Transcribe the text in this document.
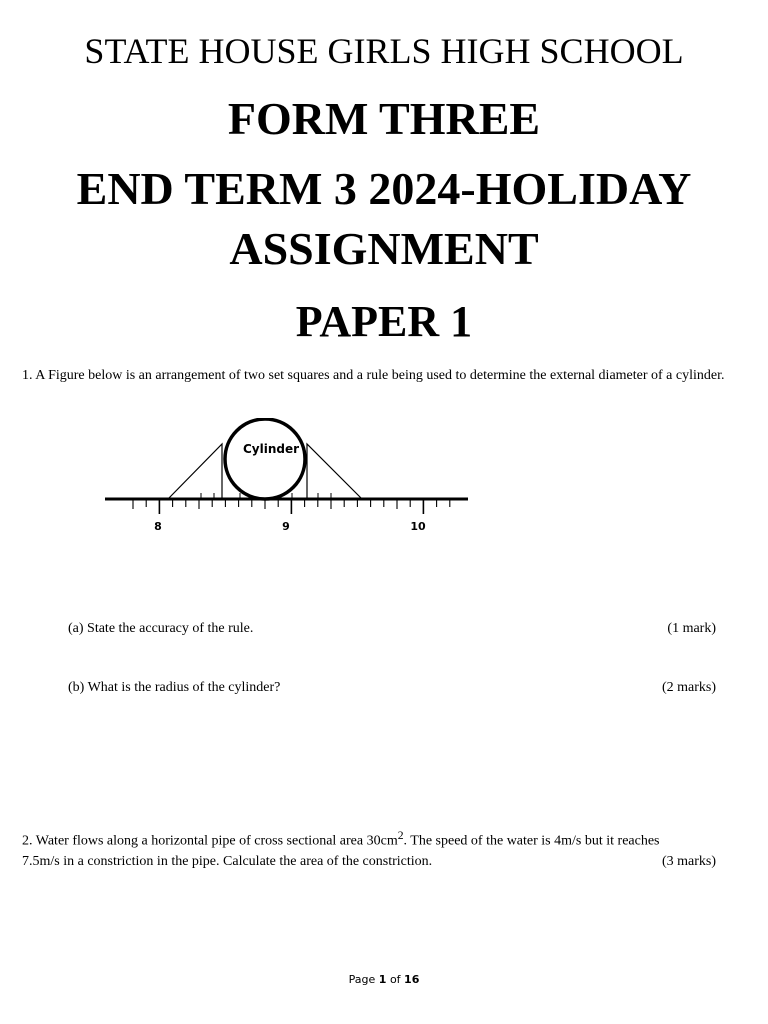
STATE HOUSE GIRLS HIGH SCHOOL
FORM THREE
END TERM 3 2024-HOLIDAY
ASSIGNMENT
PAPER 1
1. A Figure below is an arrangement of two set squares and a rule being used to determine the external diameter of a cylinder.
Cylinder
8	9	10
(a) State the accuracy of the rule.	(1 mark)
(b) What is the radius of the cylinder?	(2 marks)
2. Water flows along a horizontal pipe of cross sectional area $30cm^2$. The speed of the water is 4m/s but it reaches
7.5m/s in a constriction in the pipe. Calculate the area of the constriction.	(3 marks)
Page 1 of 16
